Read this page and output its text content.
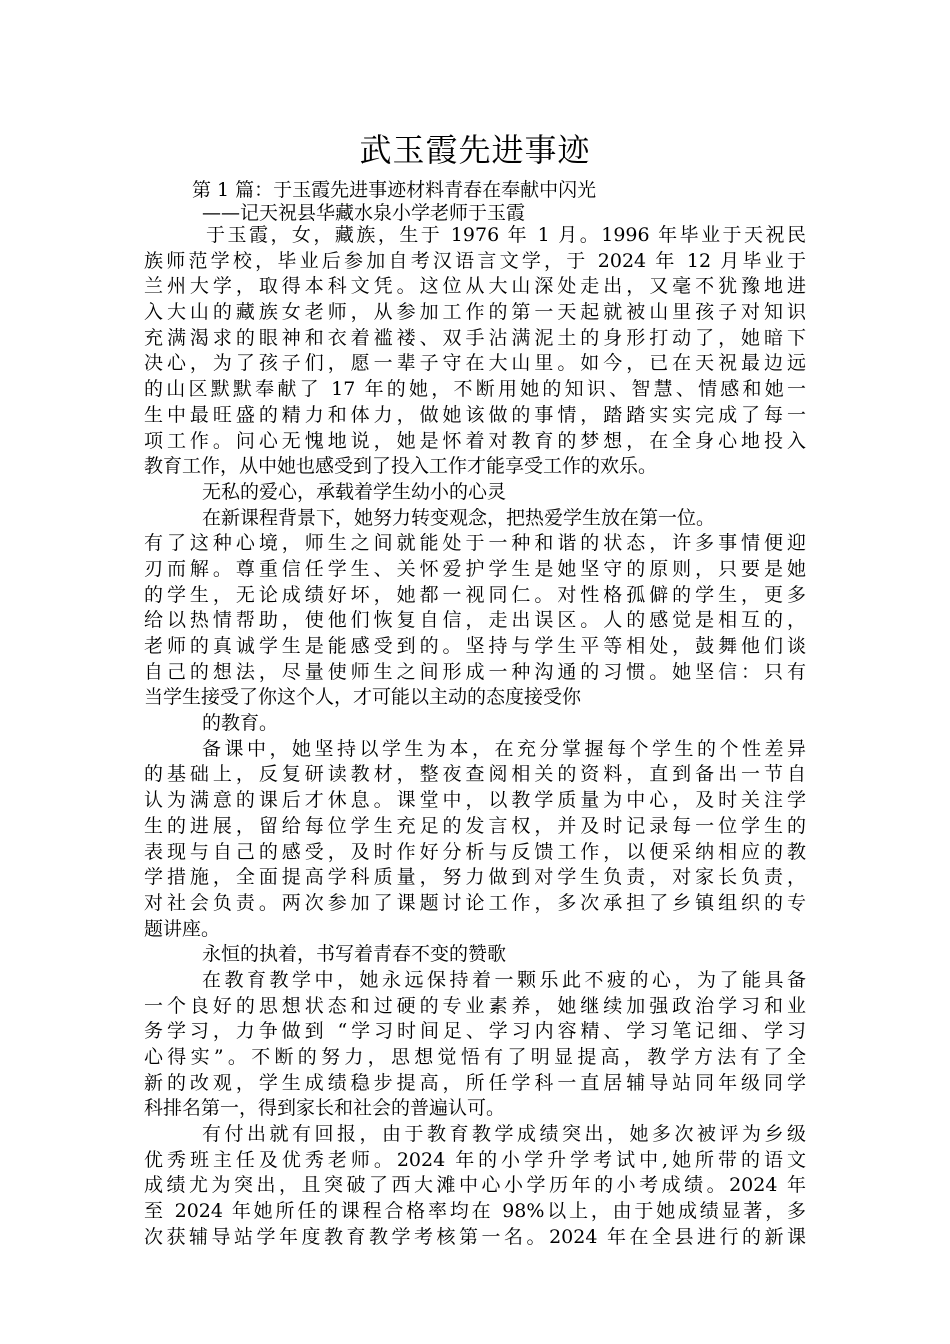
武玉霞先进事迹
第 1 篇：于玉霞先进事迹材料青春在奉献中闪光
——记天祝县华藏水泉小学老师于玉霞
于玉霞，女，藏族，生于 1976 年 1 月。1996 年毕业于天祝民
族师范学校，毕业后参加自考汉语言文学，于 2024 年 12 月毕业于
兰州大学，取得本科文凭。这位从大山深处走出，又毫不犹豫地进
入大山的藏族女老师，从参加工作的第一天起就被山里孩子对知识
充满渴求的眼神和衣着褴褛、双手沾满泥土的身形打动了，她暗下
决心，为了孩子们，愿一辈子守在大山里。如今，已在天祝最边远
的山区默默奉献了 17 年的她，不断用她的知识、智慧、情感和她一
生中最旺盛的精力和体力，做她该做的事情，踏踏实实完成了每一
项工作。问心无愧地说，她是怀着对教育的梦想，在全身心地投入
教育工作，从中她也感受到了投入工作才能享受工作的欢乐。
无私的爱心，承载着学生幼小的心灵
在新课程背景下，她努力转变观念，把热爱学生放在第一位。
有了这种心境，师生之间就能处于一种和谐的状态，许多事情便迎
刃而解。尊重信任学生、关怀爱护学生是她坚守的原则，只要是她
的学生，无论成绩好坏，她都一视同仁。对性格孤僻的学生，更多
给以热情帮助，使他们恢复自信，走出误区。人的感觉是相互的，
老师的真诚学生是能感受到的。坚持与学生平等相处，鼓舞他们谈
自己的想法，尽量使师生之间形成一种沟通的习惯。她坚信：只有
当学生接受了你这个人，才可能以主动的态度接受你
的教育。
备课中，她坚持以学生为本，在充分掌握每个学生的个性差异
的基础上，反复研读教材，整夜查阅相关的资料，直到备出一节自
认为满意的课后才休息。课堂中，以教学质量为中心，及时关注学
生的进展，留给每位学生充足的发言权，并及时记录每一位学生的
表现与自己的感受，及时作好分析与反馈工作，以便采纳相应的教
学措施，全面提高学科质量，努力做到对学生负责，对家长负责，
对社会负责。两次参加了课题讨论工作，多次承担了乡镇组织的专
题讲座。
永恒的执着，书写着青春不变的赞歌
在教育教学中，她永远保持着一颗乐此不疲的心，为了能具备
一个良好的思想状态和过硬的专业素养，她继续加强政治学习和业
务学习，力争做到 “学习时间足、学习内容精、学习笔记细、学习
心得实”。不断的努力，思想觉悟有了明显提高，教学方法有了全
新的改观，学生成绩稳步提高，所任学科一直居辅导站同年级同学
科排名第一，得到家长和社会的普遍认可。
有付出就有回报，由于教育教学成绩突出，她多次被评为乡级
优秀班主任及优秀老师。2024 年的小学升学考试中,她所带的语文
成绩尤为突出，且突破了西大滩中心小学历年的小考成绩。2024 年
至 2024 年她所任的课程合格率均在 98%以上，由于她成绩显著，多
次获辅导站学年度教育教学考核第一名。2024 年在全县进行的新课
